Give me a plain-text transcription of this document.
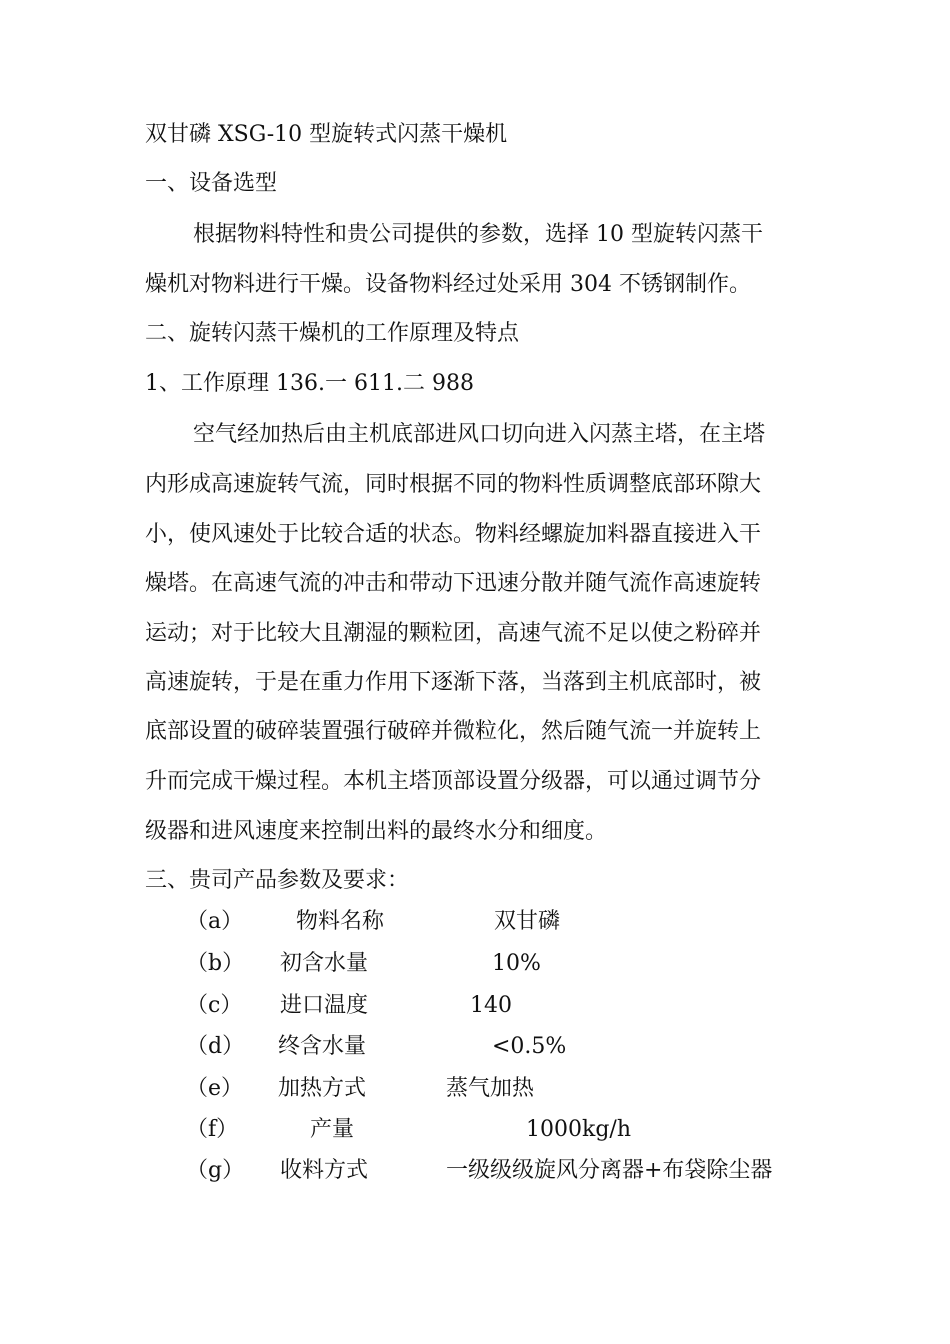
双甘磷 XSG-10 型旋转式闪蒸干燥机
一、设备选型
根据物料特性和贵公司提供的参数，选择 10 型旋转闪蒸干
燥机对物料进行干燥。设备物料经过处采用 304 不锈钢制作。
二、旋转闪蒸干燥机的工作原理及特点
1、工作原理 136.一 611.二 988
空气经加热后由主机底部进风口切向进入闪蒸主塔，在主塔
内形成高速旋转气流，同时根据不同的物料性质调整底部环隙大
小，使风速处于比较合适的状态。物料经螺旋加料器直接进入干
燥塔。在高速气流的冲击和带动下迅速分散并随气流作高速旋转
运动；对于比较大且潮湿的颗粒团，高速气流不足以使之粉碎并
高速旋转，于是在重力作用下逐渐下落，当落到主机底部时，被
底部设置的破碎装置强行破碎并微粒化，然后随气流一并旋转上
升而完成干燥过程。本机主塔顶部设置分级器，可以通过调节分
级器和进风速度来控制出料的最终水分和细度。
三、贵司产品参数及要求：
（a） 物料名称	双甘磷
（b） 初含水量	10%
（c） 进口温度	140
（d） 终含水量	<0.5%
（e） 加热方式	蒸气加热
（f）	产量	1000kg/h
（g） 收料方式	一级级级旋风分离器+布袋除尘器
